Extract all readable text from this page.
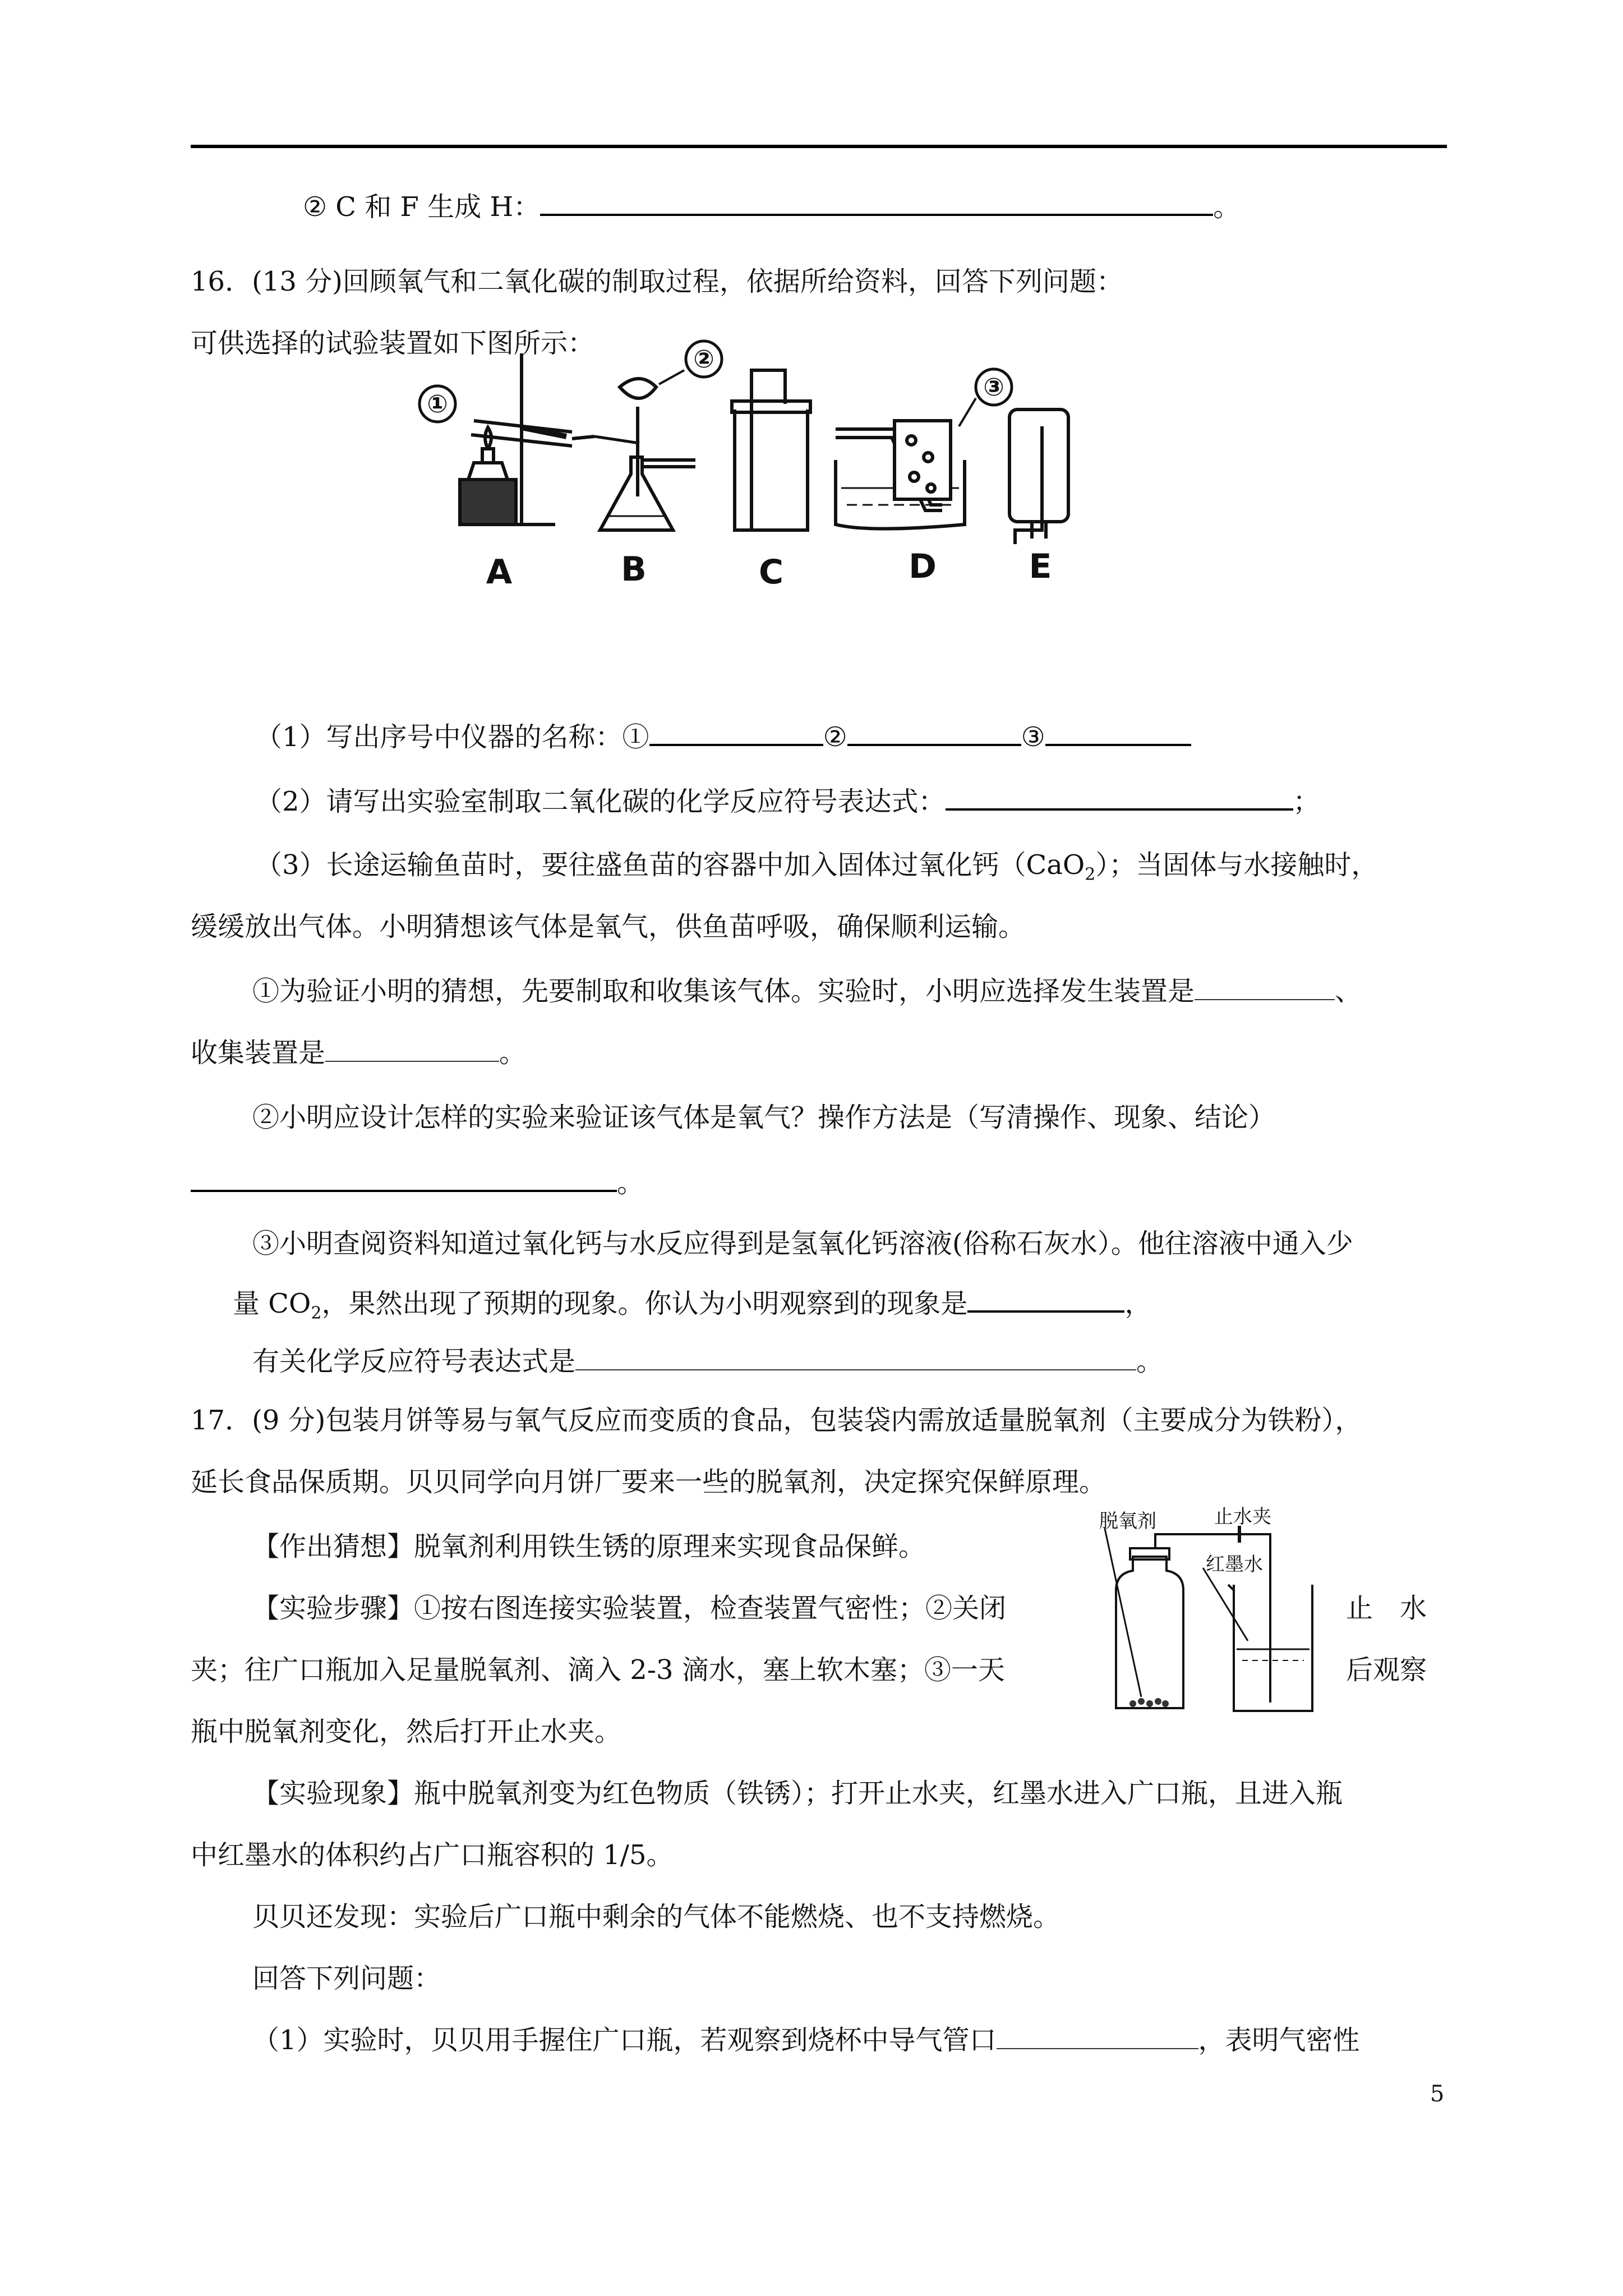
② C 和 F 生成 H：	。
16．(13 分)回顾氧气和二氧化碳的制取过程，依据所给资料，回答下列问题：
可供选择的试验装置如下图所示：
①
②
③
A	B	C	D	E
（1）写出序号中仪器的名称：①	②	③
（2）请写出实验室制取二氧化碳的化学反应符号表达式：	；
（3）长途运输鱼苗时，要往盛鱼苗的容器中加入固体过氧化钙（CaO$_2$）；当固体与水接触时，
缓缓放出气体。小明猜想该气体是氧气，供鱼苗呼吸，确保顺利运输。
①为验证小明的猜想，先要制取和收集该气体。实验时，小明应选择发生装置是	、
收集装置是	。
②小明应设计怎样的实验来验证该气体是氧气？操作方法是（写清操作、现象、结论）
。
③小明查阅资料知道过氧化钙与水反应得到是氢氧化钙溶液(俗称石灰水）。他往溶液中通入少
量 $CO_2$，果然出现了预期的现象。你认为小明观察到的现象是	，
有关化学反应符号表达式是	。
17．(9 分)包装月饼等易与氧气反应而变质的食品，包装袋内需放适量脱氧剂（主要成分为铁粉），
延长食品保质期。贝贝同学向月饼厂要来一些的脱氧剂，决定探究保鲜原理。
【作出猜想】脱氧剂利用铁生锈的原理来实现食品保鲜。
【实验步骤】①按右图连接实验装置，检查装置气密性；②关闭	止　水
夹；往广口瓶加入足量脱氧剂、滴入 2-3 滴水，塞上软木塞；③一天	后观察
瓶中脱氧剂变化，然后打开止水夹。
脱氧剂	止水夹
红墨水
【实验现象】瓶中脱氧剂变为红色物质（铁锈）；打开止水夹，红墨水进入广口瓶，且进入瓶
中红墨水的体积约占广口瓶容积的 1/5。
贝贝还发现：实验后广口瓶中剩余的气体不能燃烧、也不支持燃烧。
回答下列问题：
（1）实验时，贝贝用手握住广口瓶，若观察到烧杯中导气管口	，表明气密性
5
